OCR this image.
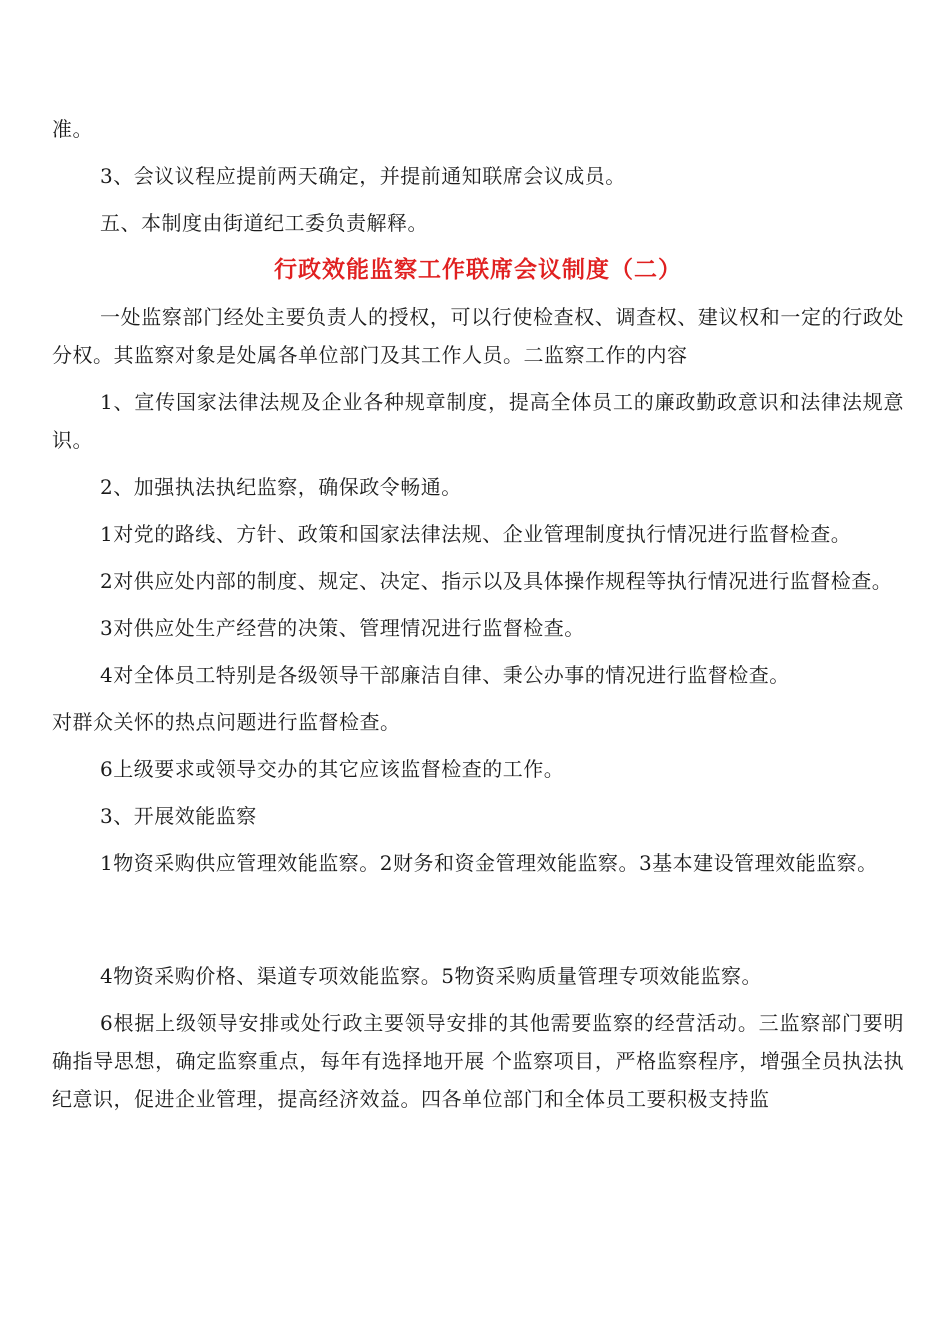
准。

3、会议议程应提前两天确定，并提前通知联席会议成员。

五、本制度由街道纪工委负责解释。

行政效能监察工作联席会议制度（二）

一处监察部门经处主要负责人的授权，可以行使检查权、调查权、建议权和一定的行政处分权。其监察对象是处属各单位部门及其工作人员。二监察工作的内容

1、宣传国家法律法规及企业各种规章制度，提高全体员工的廉政勤政意识和法律法规意识。

2、加强执法执纪监察，确保政令畅通。

1对党的路线、方针、政策和国家法律法规、企业管理制度执行情况进行监督检查。

2对供应处内部的制度、规定、决定、指示以及具体操作规程等执行情况进行监督检查。

3对供应处生产经营的决策、管理情况进行监督检查。

4对全体员工特别是各级领导干部廉洁自律、秉公办事的情况进行监督检查。

对群众关怀的热点问题进行监督检查。

6上级要求或领导交办的其它应该监督检查的工作。

3、开展效能监察

1物资采购供应管理效能监察。2财务和资金管理效能监察。3基本建设管理效能监察。

4物资采购价格、渠道专项效能监察。5物资采购质量管理专项效能监察。

6根据上级领导安排或处行政主要领导安排的其他需要监察的经营活动。三监察部门要明确指导思想，确定监察重点，每年有选择地开展 个监察项目，严格监察程序，增强全员执法执纪意识，促进企业管理，提高经济效益。四各单位部门和全体员工要积极支持监
